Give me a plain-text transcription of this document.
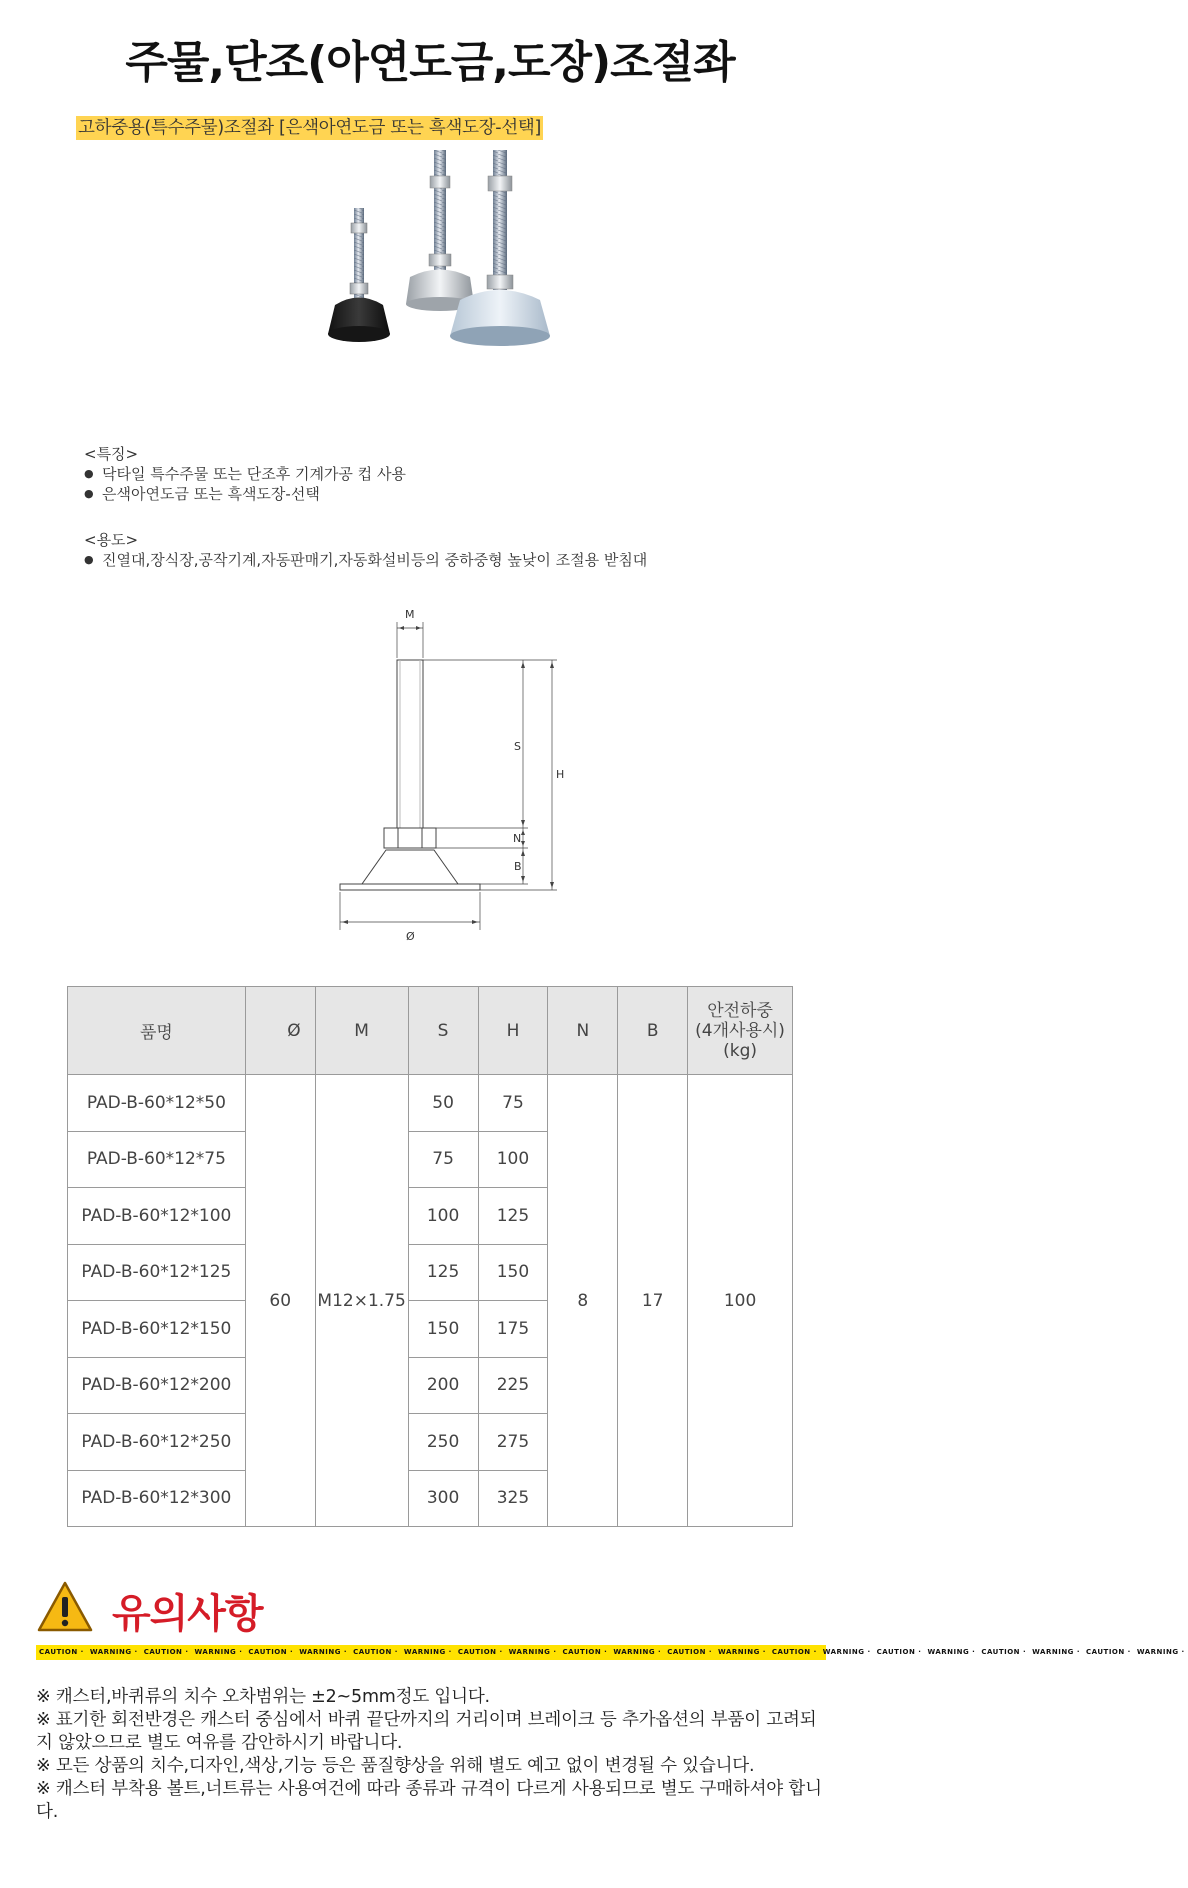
주물,단조(아연도금,도장)조절좌
고하중용(특수주물)조절좌 [은색아연도금 또는 흑색도장-선택]
<특징>
● 닥타일 특수주물 또는 단조후 기계가공 컵 사용
● 은색아연도금 또는 흑색도장-선택
<용도>
● 진열대,장식장,공작기계,자동판매기,자동화설비등의 중하중형 높낮이 조절용 받침대
M
S
N
B
H
Ø
품명	Ø	M	S	H	N	B	안전하중
(4개사용시)
(kg)

PAD-B-60*12*50	60	M12×1.75	50	75	8	17	100
PAD-B-60*12*75			75	100			
PAD-B-60*12*100			100	125			
PAD-B-60*12*125			125	150			
PAD-B-60*12*150			150	175			
PAD-B-60*12*200			200	225			
PAD-B-60*12*250			250	275			
PAD-B-60*12*300			300	325			
유의사항
CAUTION · WARNING · CAUTION · WARNING · CAUTION · WARNING · CAUTION · WARNING · CAUTION · WARNING · CAUTION · WARNING · CAUTION · WARNING · CAUTION · WARNING · CAUTION · WARNING · CAUTION · WARNING · CAUTION · WARNING ·

※ 캐스터,바퀴류의 치수 오차범위는 ±2~5mm정도 입니다.

※ 표기한 회전반경은 캐스터 중심에서 바퀴 끝단까지의 거리이며 브레이크 등 추가옵션의 부품이 고려되지 않았으므로 별도 여유를 감안하시기 바랍니다.

※ 모든 상품의 치수,디자인,색상,기능 등은 품질향상을 위해 별도 예고 없이 변경될 수 있습니다.

※ 캐스터 부착용 볼트,너트류는 사용여건에 따라 종류과 규격이 다르게 사용되므로 별도 구매하셔야 합니다.
